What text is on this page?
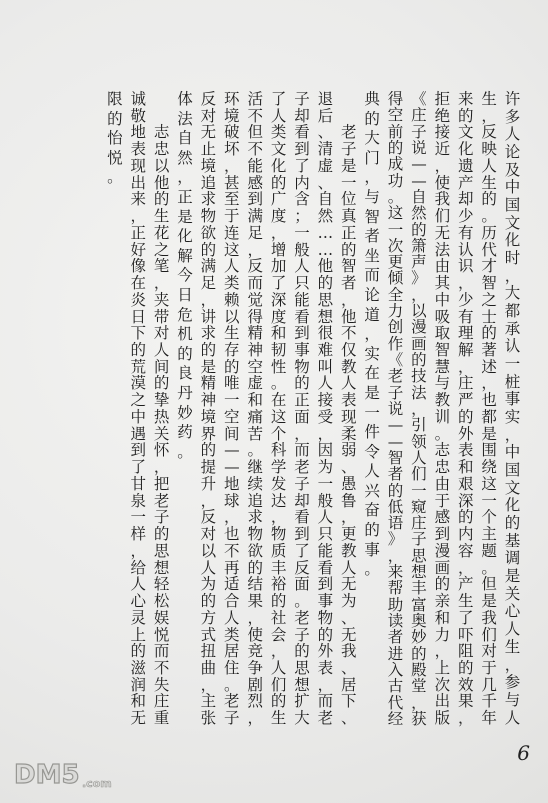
许
多
人
论
及
中
国
文
化
时
，
大
都
承
认
一
桩
事
实
，
中
国
文
化
的
基
调
是
关
心
人
生
，
参
与
人
生
，
反
映
人
生
的
。
历
代
才
智
之
士
的
著
述
，
也
都
是
围
绕
这
一
个
主
题
。
但
是
我
们
对
于
几
千
年
来
的
文
化
遗
产
却
少
有
认
识
，
少
有
理
解
，
庄
严
的
外
表
和
艰
深
的
内
容
，
产
生
了
吓
阻
的
效
果
，
拒
绝
接
近
，
使
我
们
无
法
由
其
中
吸
取
智
慧
与
教
训
。
志
忠
由
于
感
到
漫
画
的
亲
和
力
，
上
次
出
版
《
庄
子
说
—
—
自
然
的
箫
声
》
，
以
漫
画
的
技
法
，
引
领
人
们
一
窥
庄
子
思
想
丰
富
奥
妙
的
殿
堂
，
获
得
空
前
的
成
功
。
这
一
次
更
倾
全
力
创
作
《
老
子
说
—
—
智
者
的
低
语
》
，
来
帮
助
读
者
进
入
古
代
经
典
的
大
门
，
与
智
者
坐
而
论
道
，
实
在
是
一
件
令
人
兴
奋
的
事
。

老
子
是
一
位
真
正
的
智
者
，
他
不
仅
教
人
表
现
柔
弱
、
愚
鲁
，
更
教
人
无
为
、
无
我
、
居
下
、
退
后
、
清
虚
、
自
然
…
…
他
的
思
想
很
难
叫
人
接
受
，
因
为
一
般
人
只
能
看
到
事
物
的
外
表
，
而
老
子
却
看
到
了
内
含
；
一
般
人
只
能
看
到
事
物
的
正
面
，
而
老
子
却
看
到
了
反
面
。
老
子
的
思
想
扩
大
了
人
类
文
化
的
广
度
，
增
加
了
深
度
和
韧
性
。
在
这
个
科
学
发
达
，
物
质
丰
裕
的
社
会
，
人
们
的
生
活
不
但
不
能
感
到
满
足
，
反
而
觉
得
精
神
空
虚
和
痛
苦
。
继
续
追
求
物
欲
的
结
果
，
使
竞
争
剧
烈
，
环
境
破
坏
，
甚
至
于
连
这
人
类
赖
以
生
存
的
唯
一
空
间
—
—
地
球
，
也
不
再
适
合
人
类
居
住
。
老
子
反
对
无
止
境
追
求
物
欲
的
满
足
，
讲
求
的
是
精
神
境
界
的
提
升
，
反
对
以
人
为
的
方
式
扭
曲
，
主
张
体
法
自
然
，
正
是
化
解
今
日
危
机
的
良
丹
妙
药
。

志
忠
以
他
的
生
花
之
笔
，
夹
带
对
人
间
的
挚
热
关
怀
，
把
老
子
的
思
想
轻
松
娱
悦
而
不
失
庄
重
诚
敬
地
表
现
出
来
，
正
好
像
在
炎
日
下
的
荒
漠
之
中
遇
到
了
甘
泉
一
样
，
给
人
心
灵
上
的
滋
润
和
无
限
的
怡
悦
。
6
DM5 .com
